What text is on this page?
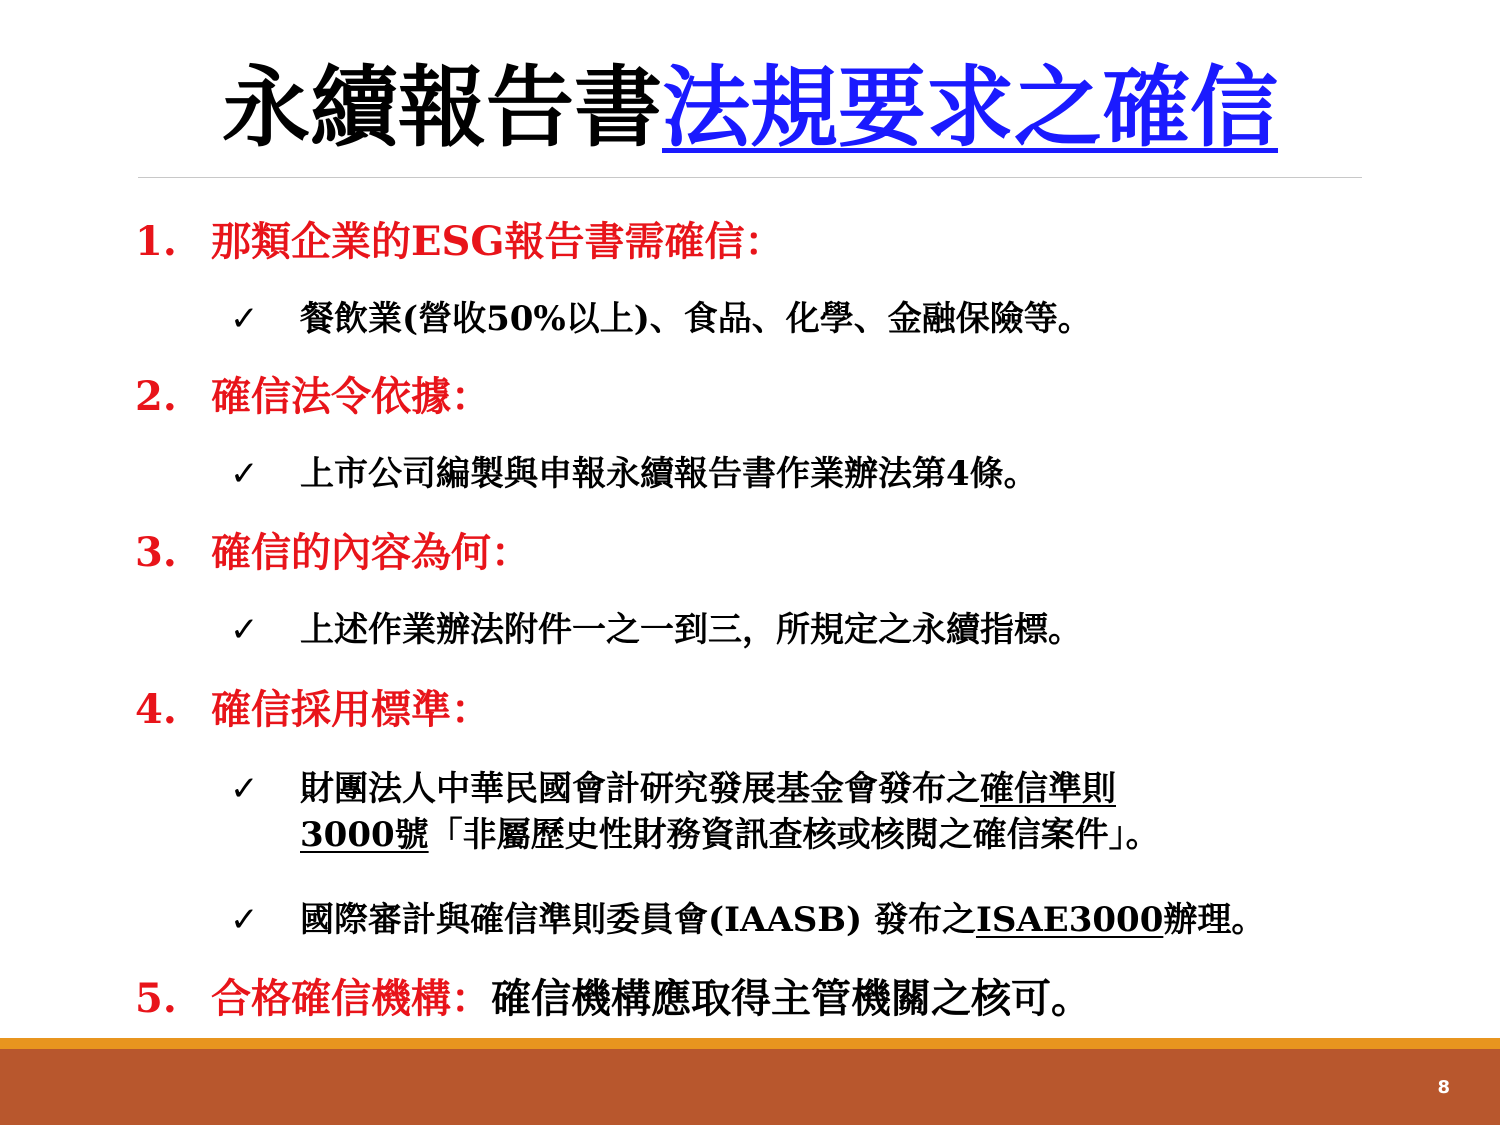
永續報告書法規要求之確信
1. 那類企業的ESG報告書需確信：
✓	餐飲業(營收50%以上)、食品、化學、金融保險等。
2. 確信法令依據：
✓	上市公司編製與申報永續報告書作業辦法第4條。
3. 確信的內容為何：
✓	上述作業辦法附件一之一到三，所規定之永續指標。
4. 確信採用標準：
✓	財團法人中華民國會計研究發展基金會發布之確信準則
3000號「非屬歷史性財務資訊查核或核閱之確信案件」。
✓	國際審計與確信準則委員會(IAASB) 發布之ISAE3000辦理。
5. 合格確信機構：確信機構應取得主管機關之核可。
8
